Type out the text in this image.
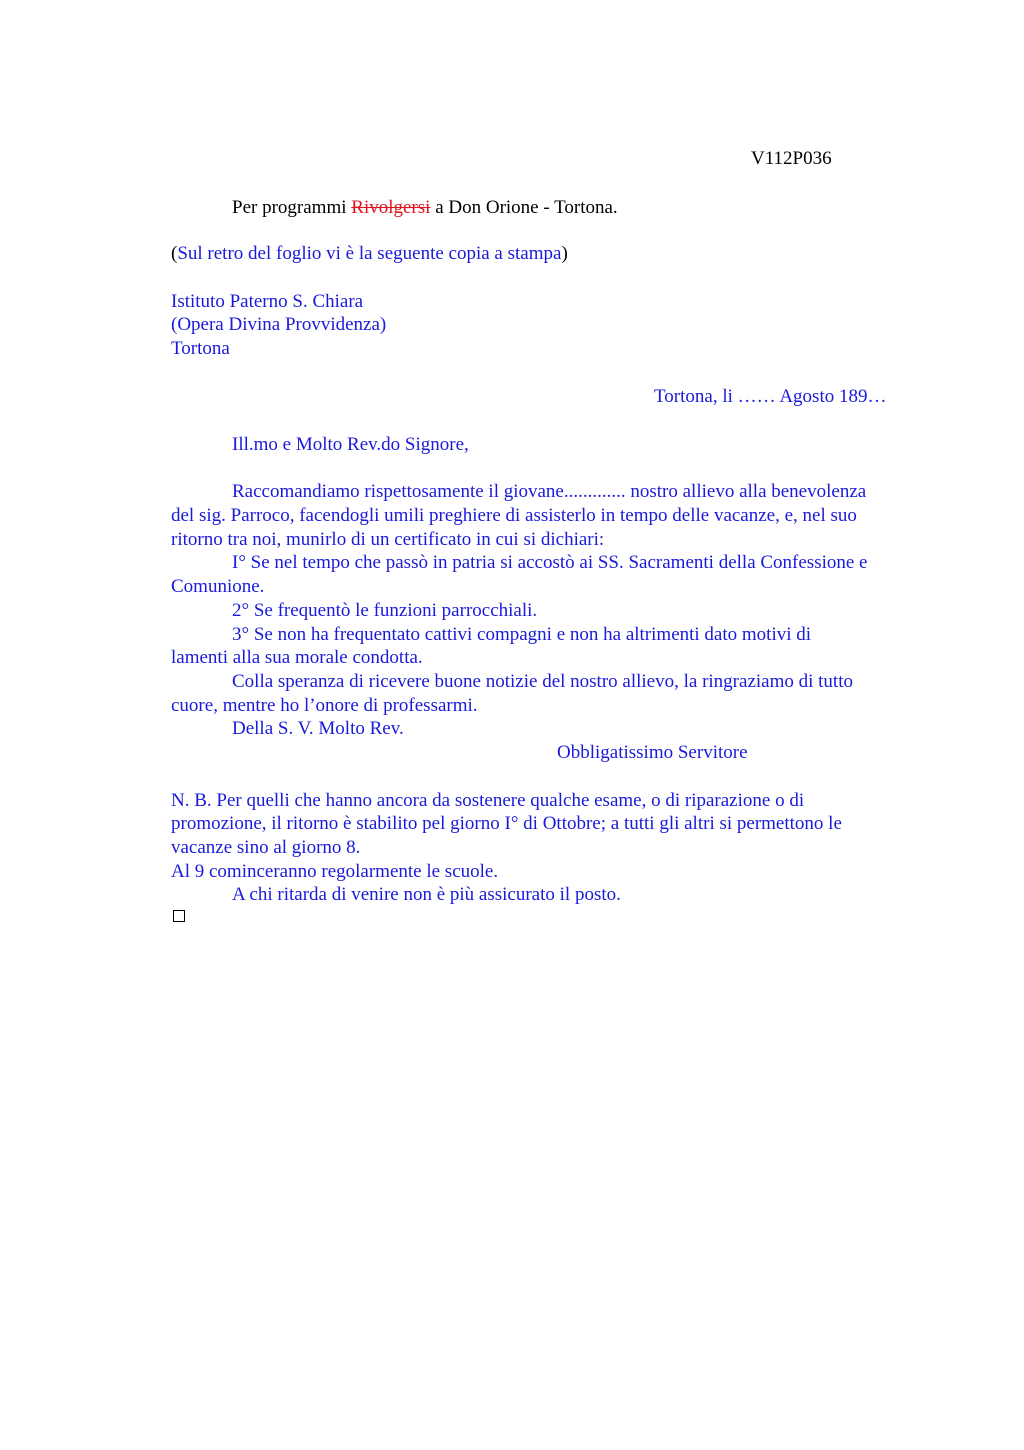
V112P036
Per programmi Rivolgersi a Don Orione - Tortona.
(Sul retro del foglio vi è la seguente copia a stampa)
Istituto Paterno S. Chiara
(Opera Divina Provvidenza)
Tortona
Tortona, li …… Agosto 189…
Ill.mo e Molto Rev.do Signore,
Raccomandiamo rispettosamente il giovane............. nostro allievo alla benevolenza
del sig. Parroco, facendogli umili preghiere di assisterlo in tempo delle vacanze, e, nel suo
ritorno tra noi, munirlo di un certificato in cui si dichiari:
I° Se nel tempo che passò in patria si accostò ai SS. Sacramenti della Confessione e
Comunione.
2° Se frequentò le funzioni parrocchiali.
3° Se non ha frequentato cattivi compagni e non ha altrimenti dato motivi di
lamenti alla sua morale condotta.
Colla speranza di ricevere buone notizie del nostro allievo, la ringraziamo di tutto
cuore, mentre ho l’onore di professarmi.
Della S. V. Molto Rev.
Obbligatissimo Servitore
N. B. Per quelli che hanno ancora da sostenere qualche esame, o di riparazione o di
promozione, il ritorno è stabilito pel giorno I° di Ottobre; a tutti gli altri si permettono le
vacanze sino al giorno 8.
Al 9 cominceranno regolarmente le scuole.
A chi ritarda di venire non è più assicurato il posto.
